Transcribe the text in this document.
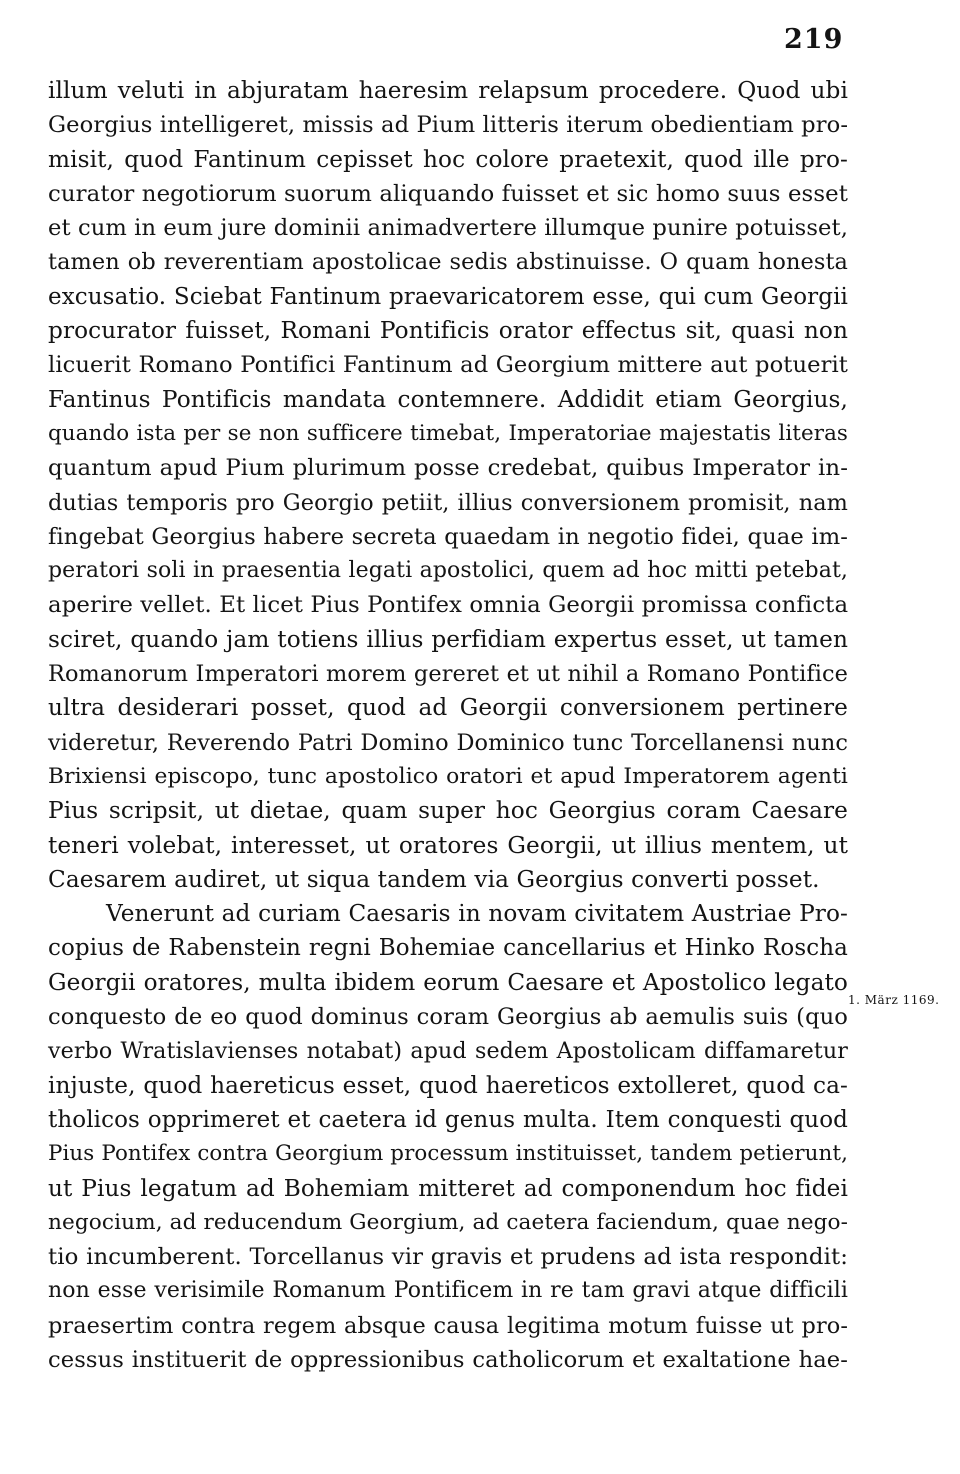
219
1. März 1169.
illum veluti in abjuratam haeresim relapsum procedere. Quod ubi
Georgius intelligeret, missis ad Pium litteris iterum obedientiam pro-
misit, quod Fantinum cepisset hoc colore praetexit, quod ille pro-
curator negotiorum suorum aliquando fuisset et sic homo suus esset
et cum in eum jure dominii animadvertere illumque punire potuisset,
tamen ob reverentiam apostolicae sedis abstinuisse. O quam honesta
excusatio. Sciebat Fantinum praevaricatorem esse, qui cum Georgii
procurator fuisset, Romani Pontificis orator effectus sit, quasi non
licuerit Romano Pontifici Fantinum ad Georgium mittere aut potuerit
Fantinus Pontificis mandata contemnere. Addidit etiam Georgius,
quando ista per se non sufficere timebat, Imperatoriae majestatis literas
quantum apud Pium plurimum posse credebat, quibus Imperator in-
dutias temporis pro Georgio petiit, illius conversionem promisit, nam
fingebat Georgius habere secreta quaedam in negotio fidei, quae im-
peratori soli in praesentia legati apostolici, quem ad hoc mitti petebat,
aperire vellet. Et licet Pius Pontifex omnia Georgii promissa conficta
sciret, quando jam totiens illius perfidiam expertus esset, ut tamen
Romanorum Imperatori morem gereret et ut nihil a Romano Pontifice
ultra desiderari posset, quod ad Georgii conversionem pertinere
videretur, Reverendo Patri Domino Dominico tunc Torcellanensi nunc
Brixiensi episcopo, tunc apostolico oratori et apud Imperatorem agenti
Pius scripsit, ut dietae, quam super hoc Georgius coram Caesare
teneri volebat, interesset, ut oratores Georgii, ut illius mentem, ut
Caesarem audiret, ut siqua tandem via Georgius converti posset.
Venerunt ad curiam Caesaris in novam civitatem Austriae Pro-
copius de Rabenstein regni Bohemiae cancellarius et Hinko Roscha
Georgii oratores, multa ibidem eorum Caesare et Apostolico legato
conquesto de eo quod dominus coram Georgius ab aemulis suis (quo
verbo Wratislavienses notabat) apud sedem Apostolicam diffamaretur
injuste, quod haereticus esset, quod haereticos extolleret, quod ca-
tholicos opprimeret et caetera id genus multa. Item conquesti quod
Pius Pontifex contra Georgium processum instituisset, tandem petierunt,
ut Pius legatum ad Bohemiam mitteret ad componendum hoc fidei
negocium, ad reducendum Georgium, ad caetera faciendum, quae nego-
tio incumberent. Torcellanus vir gravis et prudens ad ista respondit:
non esse verisimile Romanum Pontificem in re tam gravi atque difficili
praesertim contra regem absque causa legitima motum fuisse ut pro-
cessus instituerit de oppressionibus catholicorum et exaltatione hae-
